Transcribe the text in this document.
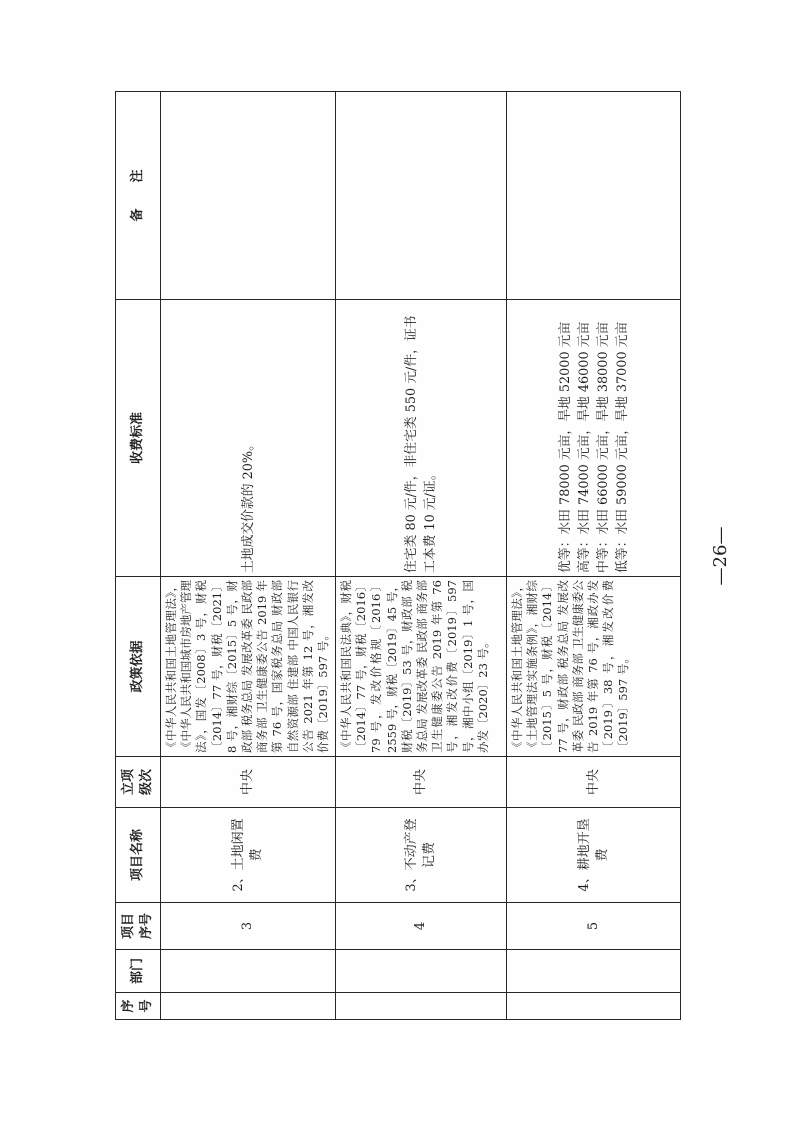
序号
部门
项目序号
项目名称
立项级次
政策依据
收费标准
备注
3
2、土地闲置费
中央
《中华人民共和国土地管理法》，《中华人民共和国城市房地产管理法》，国发〔2008〕3 号，财税〔2014〕77 号，财税〔2021〕8 号，湘财综〔2015〕5 号，财政部 税务总局 发展改革委 民政部 商务部 卫生健康委公告 2019 年第 76 号，国家税务总局 财政部 自然资源部 住建部 中国人民银行公告 2021 年第 12 号，湘发改价费〔2019〕597 号。
土地成交价款的 20%。
4
3、不动产登记费
中央
《中华人民共和国民法典》，财税〔2014〕77 号，财税〔2016〕79 号，发改价格规〔2016〕2559 号，财税〔2019〕45 号，财税〔2019〕53 号，财政部 税务总局 发展改革委 民政部 商务部 卫生健康委公告 2019 年第 76 号，湘发改价费〔2019〕597 号，湘中小组〔2019〕1 号，国办发〔2020〕23 号。
住宅类 80 元/件，非住宅类 550 元/件，证书工本费 10 元/证。
5
4、耕地开垦费
中央
《中华人民共和国土地管理法》，《土地管理法实施条例》，湘财综〔2015〕5 号，财税〔2014〕77 号，财政部 税务总局 发展改革委 民政部 商务部 卫生健康委公告 2019 年第 76 号，湘政办发〔2019〕38 号，湘发改价费〔2019〕597 号。
优等：水田 78000 元亩，旱地 52000 元亩 高等：水田 74000 元亩，旱地 46000 元亩 中等：水田 66000 元亩，旱地 38000 元亩 低等：水田 59000 元亩，旱地 37000 元亩	—26—
